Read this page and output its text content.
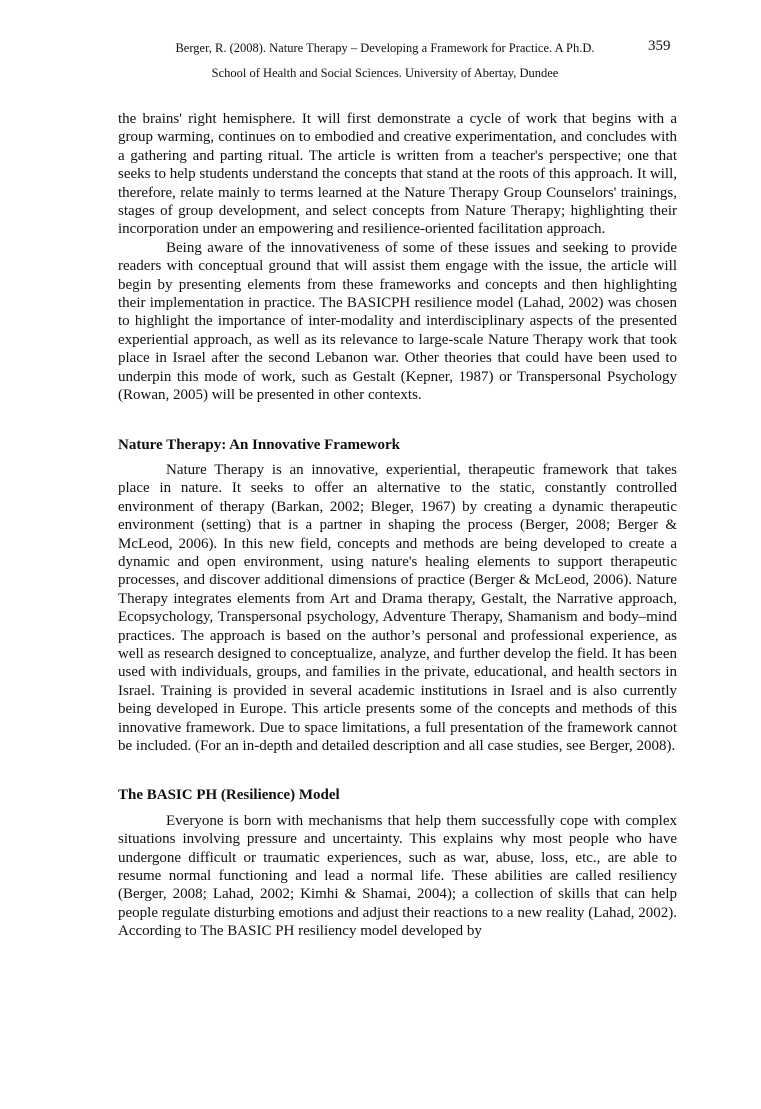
Berger, R. (2008). Nature Therapy – Developing a Framework for Practice. A Ph.D.
School of Health and Social Sciences. University of Abertay, Dundee
359

the brains' right hemisphere. It will first demonstrate a cycle of work that begins with a group warming, continues on to embodied and creative experimentation, and concludes with a gathering and parting ritual. The article is written from a teacher's perspective; one that seeks to help students understand the concepts that stand at the roots of this approach. It will, therefore, relate mainly to terms learned at the Nature Therapy Group Counselors' trainings, stages of group development, and select concepts from Nature Therapy; highlighting their incorporation under an empowering and resilience-oriented facilitation approach.

Being aware of the innovativeness of some of these issues and seeking to provide readers with conceptual ground that will assist them engage with the issue, the article will begin by presenting elements from these frameworks and concepts and then highlighting their implementation in practice. The BASICPH resilience model (Lahad, 2002) was chosen to highlight the importance of inter-modality and interdisciplinary aspects of the presented experiential approach, as well as its relevance to large-scale Nature Therapy work that took place in Israel after the second Lebanon war. Other theories that could have been used to underpin this mode of work, such as Gestalt (Kepner, 1987) or Transpersonal Psychology (Rowan, 2005) will be presented in other contexts.

Nature Therapy: An Innovative Framework

Nature Therapy is an innovative, experiential, therapeutic framework that takes place in nature. It seeks to offer an alternative to the static, constantly controlled environment of therapy (Barkan, 2002; Bleger, 1967) by creating a dynamic therapeutic environment (setting) that is a partner in shaping the process (Berger, 2008; Berger & McLeod, 2006). In this new field, concepts and methods are being developed to create a dynamic and open environment, using nature's healing elements to support therapeutic processes, and discover additional dimensions of practice (Berger & McLeod, 2006). Nature Therapy integrates elements from Art and Drama therapy, Gestalt, the Narrative approach, Ecopsychology, Transpersonal psychology, Adventure Therapy, Shamanism and body–mind practices. The approach is based on the author’s personal and professional experience, as well as research designed to conceptualize, analyze, and further develop the field. It has been used with individuals, groups, and families in the private, educational, and health sectors in Israel. Training is provided in several academic institutions in Israel and is also currently being developed in Europe. This article presents some of the concepts and methods of this innovative framework. Due to space limitations, a full presentation of the framework cannot be included. (For an in-depth and detailed description and all case studies, see Berger, 2008).

The BASIC PH (Resilience) Model

Everyone is born with mechanisms that help them successfully cope with complex situations involving pressure and uncertainty. This explains why most people who have undergone difficult or traumatic experiences, such as war, abuse, loss, etc., are able to resume normal functioning and lead a normal life. These abilities are called resiliency (Berger, 2008; Lahad, 2002; Kimhi & Shamai, 2004); a collection of skills that can help people regulate disturbing emotions and adjust their reactions to a new reality (Lahad, 2002). According to The BASIC PH resiliency model developed by
